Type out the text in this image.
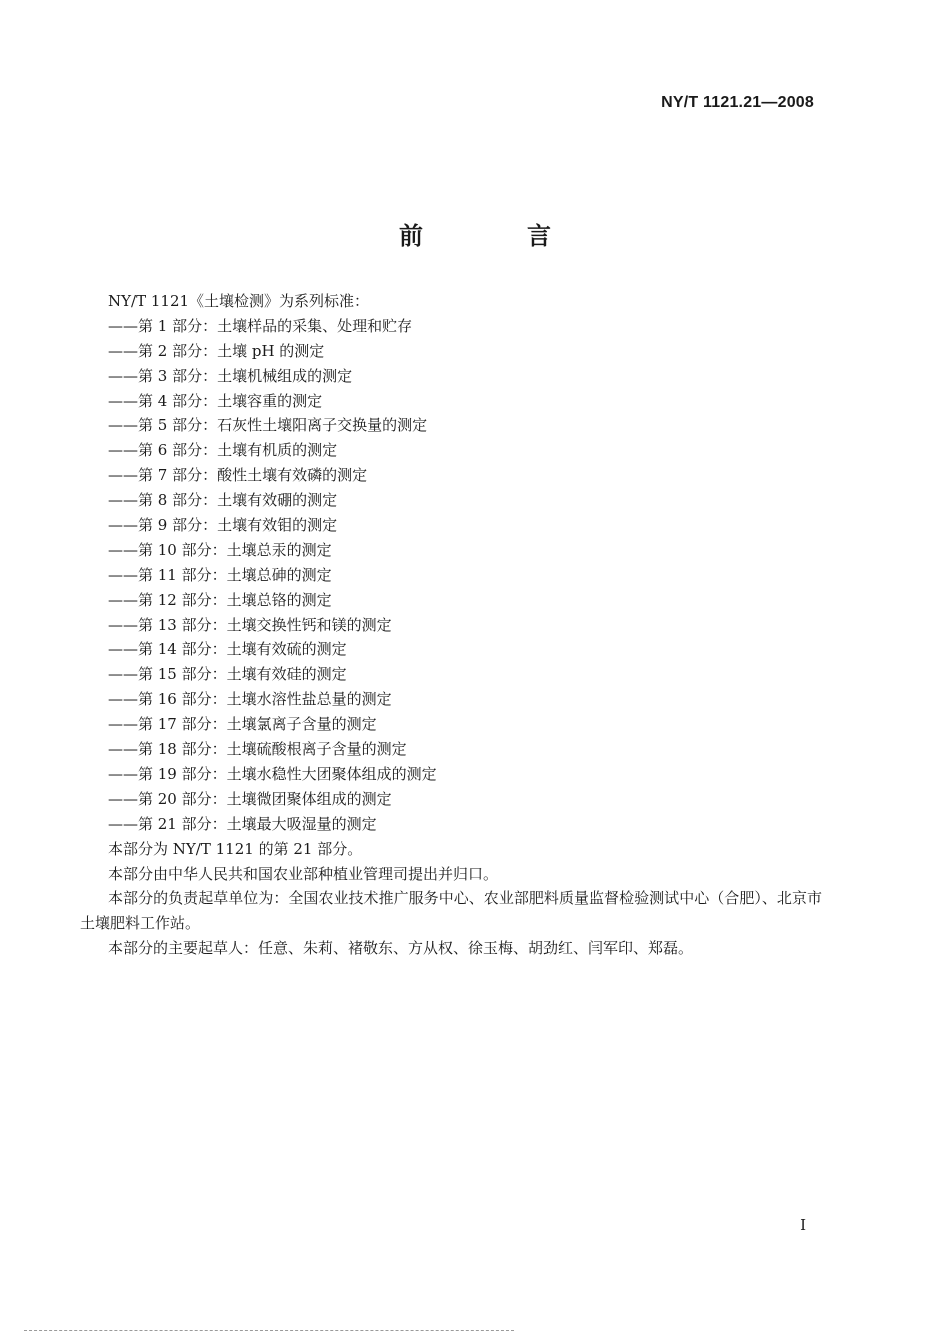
NY/T 1121.21—2008
前　言
NY/T 1121《土壤检测》为系列标准：
——第 1 部分：土壤样品的采集、处理和贮存
——第 2 部分：土壤 pH 的测定
——第 3 部分：土壤机械组成的测定
——第 4 部分：土壤容重的测定
——第 5 部分：石灰性土壤阳离子交换量的测定
——第 6 部分：土壤有机质的测定
——第 7 部分：酸性土壤有效磷的测定
——第 8 部分：土壤有效硼的测定
——第 9 部分：土壤有效钼的测定
——第 10 部分：土壤总汞的测定
——第 11 部分：土壤总砷的测定
——第 12 部分：土壤总铬的测定
——第 13 部分：土壤交换性钙和镁的测定
——第 14 部分：土壤有效硫的测定
——第 15 部分：土壤有效硅的测定
——第 16 部分：土壤水溶性盐总量的测定
——第 17 部分：土壤氯离子含量的测定
——第 18 部分：土壤硫酸根离子含量的测定
——第 19 部分：土壤水稳性大团聚体组成的测定
——第 20 部分：土壤微团聚体组成的测定
——第 21 部分：土壤最大吸湿量的测定
本部分为 NY/T 1121 的第 21 部分。
本部分由中华人民共和国农业部种植业管理司提出并归口。
本部分的负责起草单位为：全国农业技术推广服务中心、农业部肥料质量监督检验测试中心（合肥）、北京市土壤肥料工作站。
本部分的主要起草人：任意、朱莉、褚敬东、方从权、徐玉梅、胡劲红、闫军印、郑磊。
I
